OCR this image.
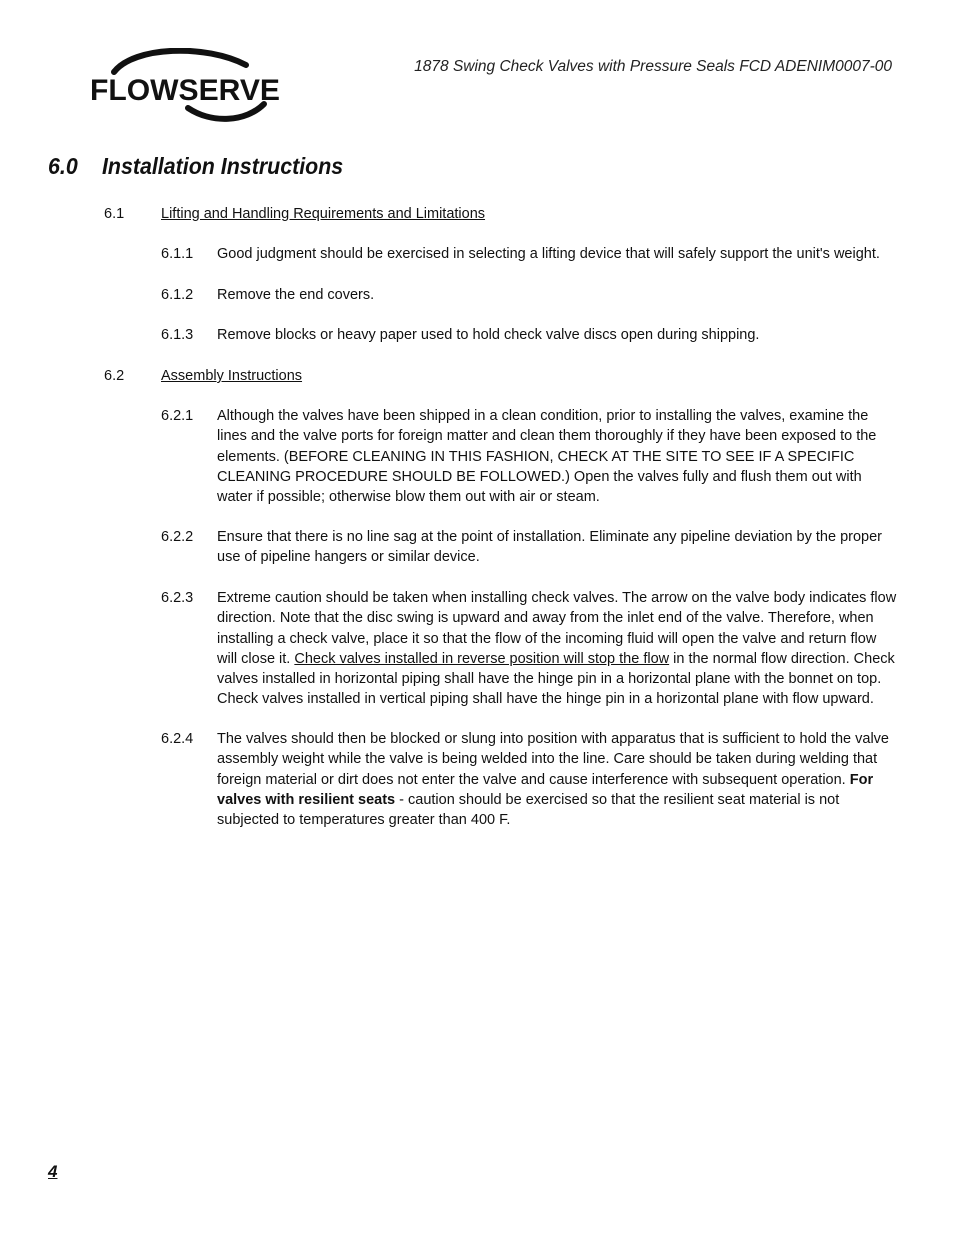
FLOWSERVE
1878 Swing Check Valves with Pressure Seals FCD ADENIM0007-00
6.0 Installation Instructions
6.1	Lifting and Handling Requirements and Limitations
6.1.1 Good judgment should be exercised in selecting a lifting device that will safely support the unit's weight.
6.1.2 Remove the end covers.
6.1.3 Remove blocks or heavy paper used to hold check valve discs open during shipping.
6.2	Assembly Instructions
6.2.1 Although the valves have been shipped in a clean condition, prior to installing the valves, examine the lines and the valve ports for foreign matter and clean them thoroughly if they have been exposed to the elements. (BEFORE CLEANING IN THIS FASHION, CHECK AT THE SITE TO SEE IF A SPECIFIC CLEANING PROCEDURE SHOULD BE FOLLOWED.) Open the valves fully and flush them out with water if possible; otherwise blow them out with air or steam.
6.2.2 Ensure that there is no line sag at the point of installation. Eliminate any pipeline deviation by the proper use of pipeline hangers or similar device.
6.2.3 Extreme caution should be taken when installing check valves. The arrow on the valve body indicates flow direction. Note that the disc swing is upward and away from the inlet end of the valve. Therefore, when installing a check valve, place it so that the flow of the incoming fluid will open the valve and return flow will close it. Check valves installed in reverse position will stop the flow in the normal flow direction. Check valves installed in horizontal piping shall have the hinge pin in a horizontal plane with the bonnet on top. Check valves installed in vertical piping shall have the hinge pin in a horizontal plane with flow upward.
6.2.4 The valves should then be blocked or slung into position with apparatus that is sufficient to hold the valve assembly weight while the valve is being welded into the line. Care should be taken during welding that foreign material or dirt does not enter the valve and cause interference with subsequent operation. For valves with resilient seats - caution should be exercised so that the resilient seat material is not subjected to temperatures greater than 400 F.
4
